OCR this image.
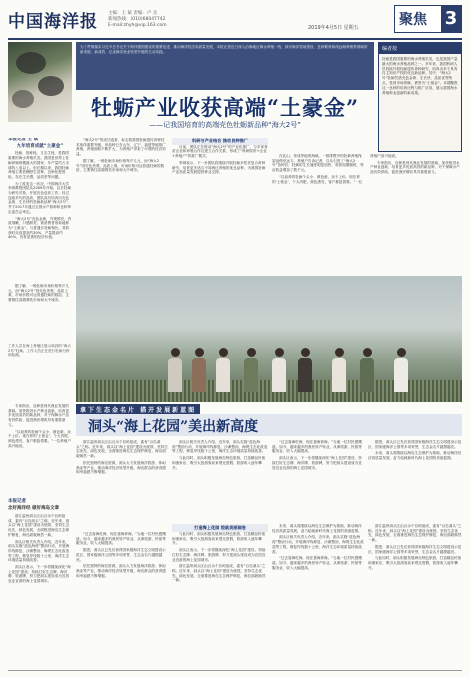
中国海洋报 主编：王 斌 责编：卢 圣
新闻热线：(010)68047742
E-mail:zhyh@vip.163.com	2019年4月5日 星期五	聚焦 3
为了贯彻落实习近平总书记关于海洋强国建设的重要论述，推动海洋经济高质量发展，本报记者近日深入沿海地区海水养殖一线，探访海洋牧场建设、良种繁育和深远海养殖等领域的新发展、新成效，记录海洋渔业转型升级的生动实践。	编者按
牡蛎是我国重要的海水养殖贝类，也是我国产量最大的海水养殖品种之一。多年来，我国科研人员持续开展牡蛎遗传育种研究，培育出多个具有自主知识产权的优良新品种。其中，“海大2号”牡蛎凭借壳色金黄、生长快、品质优等特点，受到市场青睐，被誉为“土豪金”。本期聚焦这一良种的培育历程与推广应用，展示我国海水养殖种业创新的新成果。
牡蛎产业收获高端“土豪金”
——记我国培育的高端壳色牡蛎新品种“海大2号”
本报记者 王 斌
九年培育成就“土豪金”

牡蛎，俗称蚝，又名生蚝，是我国重要的海水养殖贝类。我国是世界上牡蛎养殖规模最大的国家，年产量约占全球的八成以上。但长期以来，我国牡蛎养殖主要依赖野生苗种，良种化程度低，存在生长慢、品质差等问题。

为了改变这一状况，中国海洋大学李琪教授团队从2009年开始，以长牡蛎为研究对象，开展壳色选育工作。经过连续多代的选育，团队成功培育出壳色金黄、生长快的牡蛎新品种“海大2号”，并于2017年通过全国水产原种和良种审定委员会审定。

“海大2号”壳色金黄，外观鲜亮，肉质细嫩，口感鲜美，被消费者形象地称为“土豪金”。与普通长牡蛎相比，其收获时壳高提高约30%，产量提高约40%，具有显著的经济价值。

“海大2号”的成功选育，标志着我国牡蛎遗传育种技术取得重要突破。该品种已在山东、辽宁、福建等地推广养殖，养殖面积不断扩大，为养殖户带来了可观的经济效益。

据了解，一般牡蛎市场价格每斤几元，而“海大2号”因壳色美观、品质上乘，市场价格可达普通牡蛎的数倍，主要销往高端餐饮市场和大中城市。

科研与产业结合 推动良种推广

目前，团队正在推动“海大2号”的产业化推广，与多家育苗企业和养殖合作社建立合作关系，形成了“科研院所+企业+养殖户”的推广模式。

李琪表示，下一步团队将继续开展牡蛎多性状复合育种研究，培育更多适合不同海区养殖的优良品种，为我国牡蛎产业高质量发展提供种业支撑。

在乳山、荣成等地的海域，一排排整齐的牡蛎养殖筏架延伸至远方。养殖户告诉记者，自从引进了“海大2号”苗种后，牡蛎的生长速度明显加快，收获周期缩短，每亩收益增加了数千元。

“以前养的牡蛎个头小、颜色暗，卖不上价。现在养的‘土豪金’，个大肉肥，颜色漂亮，客户都抢着要。”一位养殖户高兴地说。

专家指出，良种是现代渔业发展的基础。加快推进水产种业创新，培育更多优质高效的新品种，对于保障水产品有效供给、促进渔民增收具有重要意义。

据了解，一般牡蛎市场价格每斤几元，而“海大2号”因壳色美观、品质上乘，市场价格可达普通牡蛎的数倍，主要销往高端餐饮市场和大中城市。

工作人员在海上养殖区展示收获的“海大2号”牡蛎。工作人员正在进行牡蛎分拣和检测。
拿下生态金名片 描开发展新蓝图
洞头“海上花园”美出新高度

浙江温州洞头区由百余个岛屿组成，素有“百岛洞头”之称。近年来，洞头以“海上花园”建设为统领，坚持生态优先、绿色发展，全面推进海岛生态保护修复，海岛面貌焕然一新。

依托独特的海岛资源，洞头大力发展海洋旅游、休闲渔业等产业，推动海洋经济转型升级，海岛群众的获得感和幸福感不断增强。

洞头区相关负责人介绍，近年来，洞头实施“蓝色海湾”整治行动，开展海岸线修复、沙滩整治、海堤生态化改造等工程，修复岸线数十公里，海洋生态环境质量持续改善。

与此同时，洞头积极发展海岛特色旅游，打造精品民宿和渔家乐，吸引大批游客前来观光度假，旅游收入逐年攀升。

“过去靠海吃海，现在靠海养海。”当地一位村民感慨道。如今，越来越多的渔民转产转业，从事旅游、民宿等服务业，收入大幅提高。

洞头区表示，下一步将继续深化“海上花园”建设，持续打好生态牌、海洋牌、旅游牌，努力把洞头建设成为宜居宜业宜游的海上花园城市。

据悉，洞头区已先后获得国家级海洋生态文明建设示范区、国家级海洋公园等多项荣誉，生态金名片越擦越亮。

未来，洞头将继续以海岛生态保护为基础，推动海洋经济高质量发展，奋力绘就新时代海上花园的美丽蓝图。

打造海上花园 绘就美丽画卷

“过去靠海吃海，现在靠海养海。”当地一位村民感慨道。如今，越来越多的渔民转产转业，从事旅游、民宿等服务业，收入大幅提高。

据悉，洞头区已先后获得国家级海洋生态文明建设示范区、国家级海洋公园等多项荣誉，生态金名片越擦越亮。

依托独特的海岛资源，洞头大力发展海洋旅游、休闲渔业等产业，推动海洋经济转型升级，海岛群众的获得感和幸福感不断增强。

与此同时，洞头积极发展海岛特色旅游，打造精品民宿和渔家乐，吸引大批游客前来观光度假，旅游收入逐年攀升。

洞头区表示，下一步将继续深化“海上花园”建设，持续打好生态牌、海洋牌、旅游牌，努力把洞头建设成为宜居宜业宜游的海上花园城市。

浙江温州洞头区由百余个岛屿组成，素有“百岛洞头”之称。近年来，洞头以“海上花园”建设为统领，坚持生态优先、绿色发展，全面推进海岛生态保护修复，海岛面貌焕然一新。

未来，洞头将继续以海岛生态保护为基础，推动海洋经济高质量发展，奋力绘就新时代海上花园的美丽蓝图。

洞头区相关负责人介绍，近年来，洞头实施“蓝色海湾”整治行动，开展海岸线修复、沙滩整治、海堤生态化改造等工程，修复岸线数十公里，海洋生态环境质量持续改善。

“过去靠海吃海，现在靠海养海。”当地一位村民感慨道。如今，越来越多的渔民转产转业，从事旅游、民宿等服务业，收入大幅提高。

浙江温州洞头区由百余个岛屿组成，素有“百岛洞头”之称。近年来，洞头以“海上花园”建设为统领，坚持生态优先、绿色发展，全面推进海岛生态保护修复，海岛面貌焕然一新。

据悉，洞头区已先后获得国家级海洋生态文明建设示范区、国家级海洋公园等多项荣誉，生态金名片越擦越亮。

与此同时，洞头积极发展海岛特色旅游，打造精品民宿和渔家乐，吸引大批游客前来观光度假，旅游收入逐年攀升。

本报记者
念好海洋经 做好海岛文章

浙江温州洞头区由百余个岛屿组成，素有“百岛洞头”之称。近年来，洞头以“海上花园”建设为统领，坚持生态优先、绿色发展，全面推进海岛生态保护修复，海岛面貌焕然一新。

洞头区相关负责人介绍，近年来，洞头实施“蓝色海湾”整治行动，开展海岸线修复、沙滩整治、海堤生态化改造等工程，修复岸线数十公里，海洋生态环境质量持续改善。

洞头区表示，下一步将继续深化“海上花园”建设，持续打好生态牌、海洋牌、旅游牌，努力把洞头建设成为宜居宜业宜游的海上花园城市。

专家指出，良种是现代渔业发展的基础。加快推进水产种业创新，培育更多优质高效的新品种，对于保障水产品有效供给、促进渔民增收具有重要意义。

“以前养的牡蛎个头小、颜色暗，卖不上价。现在养的‘土豪金’，个大肉肥，颜色漂亮，客户都抢着要。”一位养殖户高兴地说。
